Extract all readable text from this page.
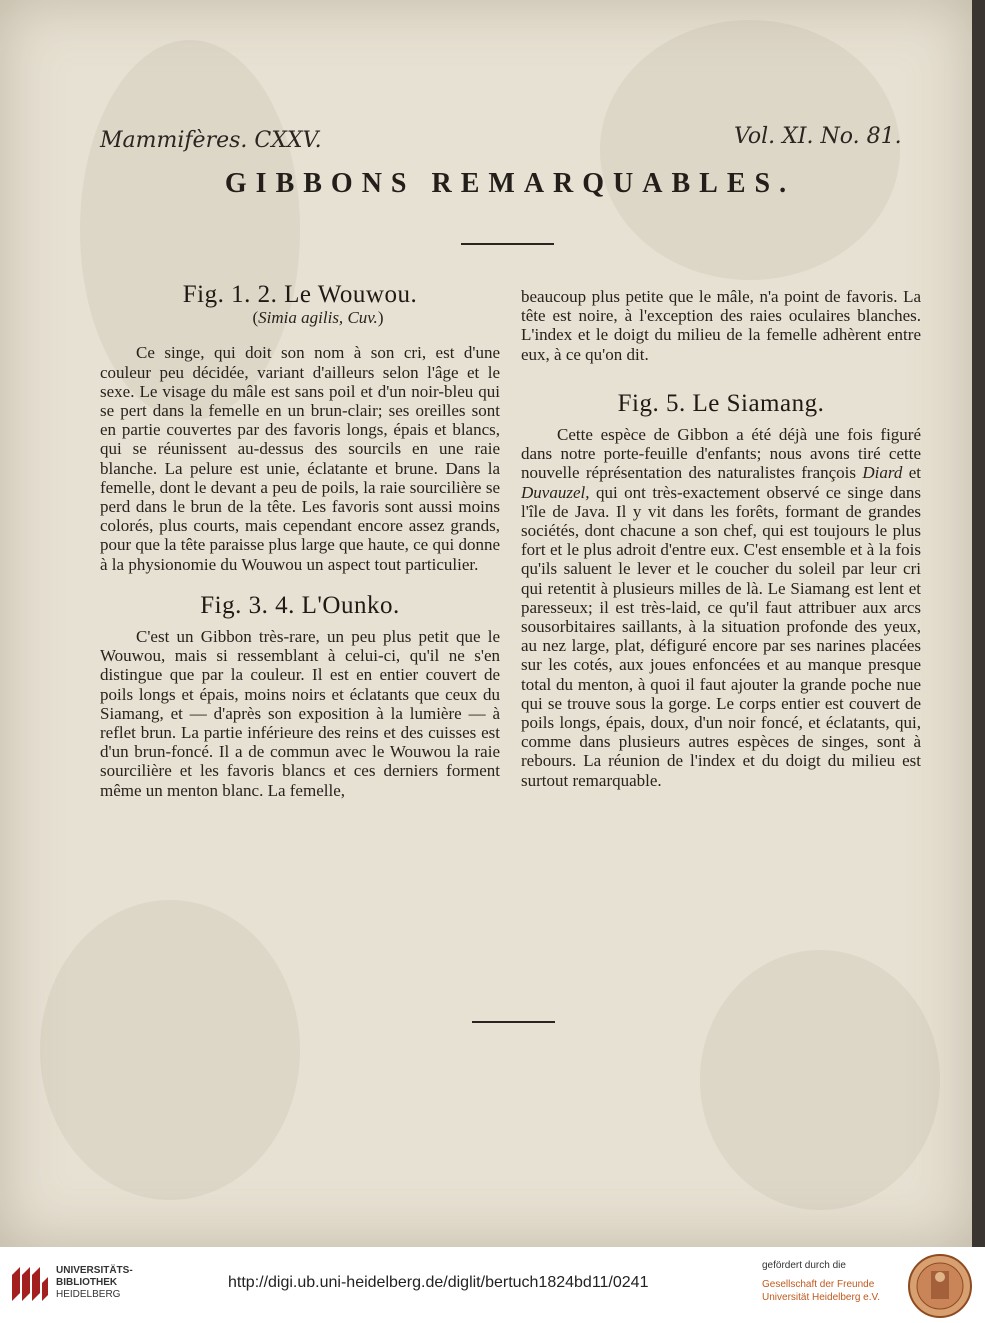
Mammifères. CXXV.	Vol. XI. No. 81.

GIBBONS REMARQUABLES.
Fig. 1. 2. Le Wouwou.

(Simia agilis, Cuv.)

Ce singe, qui doit son nom à son cri, est d'une couleur peu décidée, variant d'ailleurs selon l'âge et le sexe. Le visage du mâle est sans poil et d'un noir-bleu qui se pert dans la femelle en un brun-clair; ses oreilles sont en partie couvertes par des favoris longs, épais et blancs, qui se réunissent au-dessus des sourcils en une raie blanche. La pelure est unie, éclatante et brune. Dans la femelle, dont le devant a peu de poils, la raie sourcilière se perd dans le brun de la tête. Les favoris sont aussi moins colorés, plus courts, mais cependant encore assez grands, pour que la tête paraisse plus large que haute, ce qui donne à la physionomie du Wouwou un aspect tout particulier.

Fig. 3. 4. L'Ounko.

C'est un Gibbon très-rare, un peu plus petit que le Wouwou, mais si ressemblant à celui-ci, qu'il ne s'en distingue que par la couleur. Il est en entier couvert de poils longs et épais, moins noirs et éclatants que ceux du Siamang, et — d'après son exposition à la lumière — à reflet brun. La partie inférieure des reins et des cuisses est d'un brun-foncé. Il a de commun avec le Wouwou la raie sourcilière et les favoris blancs et ces derniers forment même un menton blanc. La femelle,

beaucoup plus petite que le mâle, n'a point de favoris. La tête est noire, à l'exception des raies oculaires blanches. L'index et le doigt du milieu de la femelle adhèrent entre eux, à ce qu'on dit.

Fig. 5. Le Siamang.

Cette espèce de Gibbon a été déjà une fois figuré dans notre porte-feuille d'enfants; nous avons tiré cette nouvelle réprésentation des naturalistes françois Diard et Duvauzel, qui ont très-exactement observé ce singe dans l'île de Java. Il y vit dans les forêts, formant de grandes sociétés, dont chacune a son chef, qui est toujours le plus fort et le plus adroit d'entre eux. C'est ensemble et à la fois qu'ils saluent le lever et le coucher du soleil par leur cri qui retentit à plusieurs milles de là. Le Siamang est lent et paresseux; il est très-laid, ce qu'il faut attribuer aux arcs sousorbitaires saillants, à la situation profonde des yeux, au nez large, plat, défiguré encore par ses narines placées sur les cotés, aux joues enfoncées et au manque presque total du menton, à quoi il faut ajouter la grande poche nue qui se trouve sous la gorge. Le corps entier est couvert de poils longs, épais, doux, d'un noir foncé, et éclatants, qui, comme dans plusieurs autres espèces de singes, sont à rebours. La réunion de l'index et du doigt du milieu est surtout remarquable.

UNIVERSITÄTS-
BIBLIOTHEK
HEIDELBERG
http://digi.ub.uni-heidelberg.de/diglit/bertuch1824bd11/0241
gefördert durch die
Gesellschaft der Freunde
Universität Heidelberg e.V.
